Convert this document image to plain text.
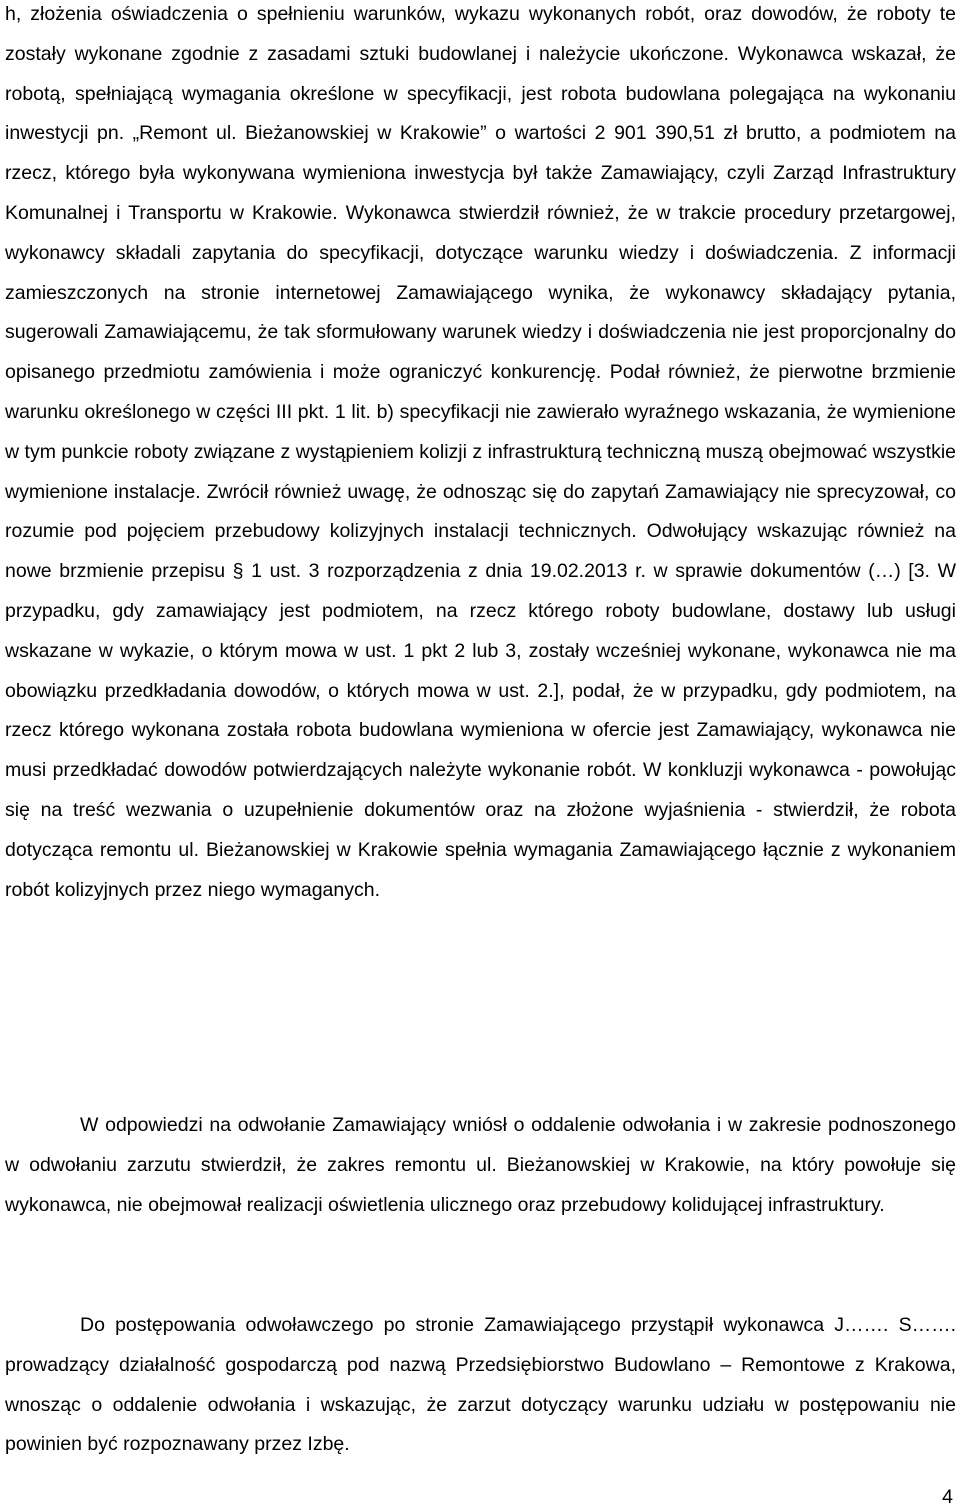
h, złożenia oświadczenia o spełnieniu warunków, wykazu wykonanych robót, oraz dowodów, że roboty te zostały wykonane zgodnie z zasadami sztuki budowlanej i należycie ukończone. Wykonawca wskazał, że robotą, spełniającą wymagania określone w specyfikacji, jest robota budowlana polegająca na wykonaniu inwestycji pn. „Remont ul. Bieżanowskiej w Krakowie” o wartości 2 901 390,51 zł brutto, a podmiotem na rzecz, którego była wykonywana wymieniona inwestycja był także Zamawiający, czyli Zarząd Infrastruktury Komunalnej i Transportu w Krakowie. Wykonawca stwierdził również, że w trakcie procedury przetargowej, wykonawcy składali zapytania do specyfikacji, dotyczące warunku wiedzy i doświadczenia. Z informacji zamieszczonych na stronie internetowej Zamawiającego wynika, że wykonawcy składający pytania, sugerowali Zamawiającemu, że tak sformułowany warunek wiedzy i doświadczenia nie jest proporcjonalny do opisanego przedmiotu zamówienia i może ograniczyć konkurencję. Podał również, że pierwotne brzmienie warunku określonego w części III pkt. 1 lit. b) specyfikacji nie zawierało wyraźnego wskazania, że wymienione w tym punkcie roboty związane z wystąpieniem kolizji z infrastrukturą techniczną muszą obejmować wszystkie wymienione instalacje. Zwrócił również uwagę, że odnosząc się do zapytań Zamawiający nie sprecyzował, co rozumie pod pojęciem przebudowy kolizyjnych instalacji technicznych. Odwołujący wskazując również na nowe brzmienie przepisu § 1 ust. 3 rozporządzenia z dnia 19.02.2013 r. w sprawie dokumentów (…) [3. W przypadku, gdy zamawiający jest podmiotem, na rzecz którego roboty budowlane, dostawy lub usługi wskazane w wykazie, o którym mowa w ust. 1 pkt 2 lub 3, zostały wcześniej wykonane, wykonawca nie ma obowiązku przedkładania dowodów, o których mowa w ust. 2.], podał, że w przypadku, gdy podmiotem, na rzecz którego wykonana została robota budowlana wymieniona w ofercie jest Zamawiający, wykonawca nie musi przedkładać dowodów potwierdzających należyte wykonanie robót. W konkluzji wykonawca - powołując się na treść wezwania o uzupełnienie dokumentów oraz na złożone wyjaśnienia - stwierdził, że robota dotycząca remontu ul. Bieżanowskiej w Krakowie spełnia wymagania Zamawiającego łącznie z wykonaniem robót kolizyjnych przez niego wymaganych.

W odpowiedzi na odwołanie Zamawiający wniósł o oddalenie odwołania i w zakresie podnoszonego w odwołaniu zarzutu stwierdził, że zakres remontu ul. Bieżanowskiej w Krakowie, na który powołuje się wykonawca, nie obejmował realizacji oświetlenia ulicznego oraz przebudowy kolidującej infrastruktury.

Do postępowania odwoławczego po stronie Zamawiającego przystąpił wykonawca J……. S……. prowadzący działalność gospodarczą pod nazwą Przedsiębiorstwo Budowlano – Remontowe z Krakowa, wnosząc o oddalenie odwołania i wskazując, że zarzut dotyczący warunku udziału w postępowaniu nie powinien być rozpoznawany przez Izbę.

4
